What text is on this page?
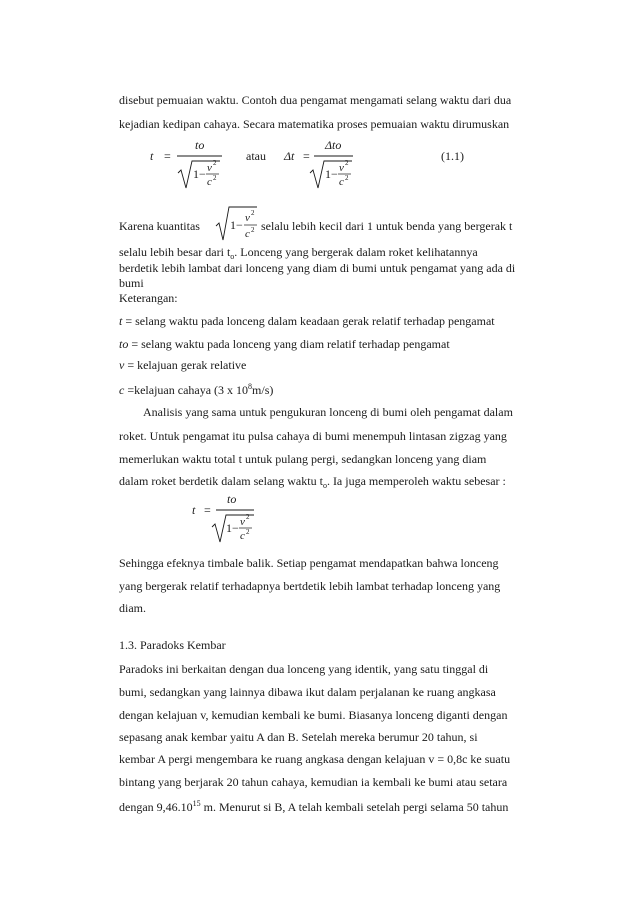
disebut pemuaian waktu. Contoh dua pengamat mengamati selang waktu dari dua
kejadian kedipan cahaya. Secara matematika proses pemuaian waktu dirumuskan
t =
to
1 − v 2
c 2
atau Δt =
Δto
1 − v 2
c 2
(1.1)
Karena kuantitas	1 − v 2
c 2 selalu lebih kecil dari 1 untuk benda yang bergerak t
selalu lebih besar dari $t_o$. Lonceng yang bergerak dalam roket kelihatannya
berdetik lebih lambat dari lonceng yang diam di bumi untuk pengamat yang ada di
bumi
Keterangan:
t = selang waktu pada lonceng dalam keadaan gerak relatif terhadap pengamat
to = selang waktu pada lonceng yang diam relatif terhadap pengamat
v = kelajuan gerak relative
c =kelajuan cahaya (3 x $10^8m/s$)
Analisis yang sama untuk pengukuran lonceng di bumi oleh pengamat dalam
roket. Untuk pengamat itu pulsa cahaya di bumi menempuh lintasan zigzag yang
memerlukan waktu total t untuk pulang pergi, sedangkan lonceng yang diam
dalam roket berdetik dalam selang waktu $t_o$. Ia juga memperoleh waktu sebesar :
t =
to
1 − v 2
c 2
Sehingga efeknya timbale balik. Setiap pengamat mendapatkan bahwa lonceng
yang bergerak relatif terhadapnya bertdetik lebih lambat terhadap lonceng yang
diam.
1.3. Paradoks Kembar
Paradoks ini berkaitan dengan dua lonceng yang identik, yang satu tinggal di
bumi, sedangkan yang lainnya dibawa ikut dalam perjalanan ke ruang angkasa
dengan kelajuan v, kemudian kembali ke bumi. Biasanya lonceng diganti dengan
sepasang anak kembar yaitu A dan B. Setelah mereka berumur 20 tahun, si
kembar A pergi mengembara ke ruang angkasa dengan kelajuan v = 0,8c ke suatu
bintang yang berjarak 20 tahun cahaya, kemudian ia kembali ke bumi atau setara
dengan 9,46.10$^{15}$ m. Menurut si B, A telah kembali setelah pergi selama 50 tahun
